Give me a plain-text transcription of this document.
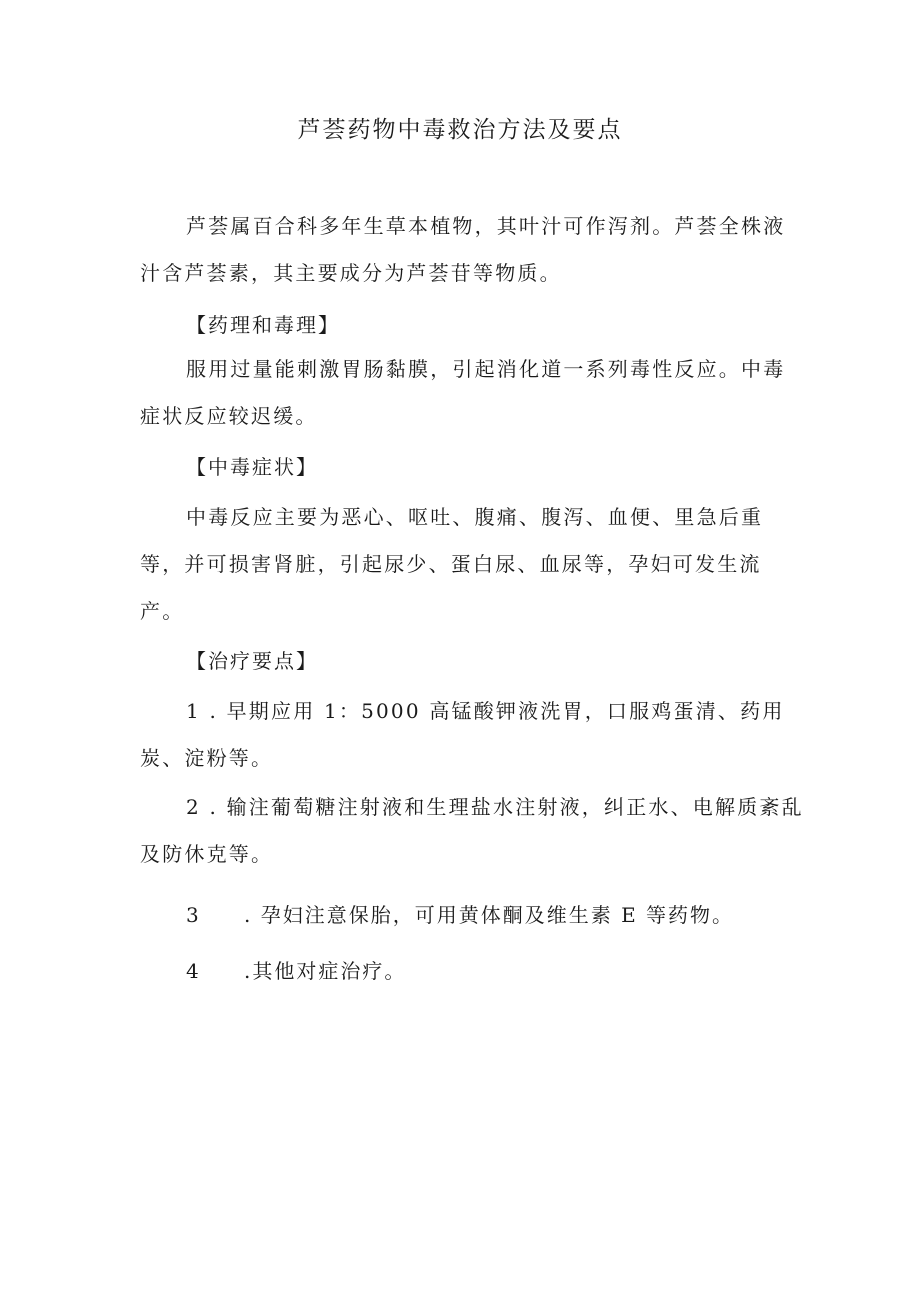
芦荟药物中毒救治方法及要点

芦荟属百合科多年生草本植物，其叶汁可作泻剂。芦荟全株液汁含芦荟素，其主要成分为芦荟苷等物质。

【药理和毒理】

服用过量能刺激胃肠黏膜，引起消化道一系列毒性反应。中毒症状反应较迟缓。

【中毒症状】

中毒反应主要为恶心、呕吐、腹痛、腹泻、血便、里急后重等，并可损害肾脏，引起尿少、蛋白尿、血尿等，孕妇可发生流产。

【治疗要点】

1 . 早期应用 1：5000 高锰酸钾液洗胃，口服鸡蛋清、药用炭、淀粉等。

2 . 输注葡萄糖注射液和生理盐水注射液，纠正水、电解质紊乱及防休克等。

3 . 孕妇注意保胎，可用黄体酮及维生素 E 等药物。

4 .其他对症治疗。
